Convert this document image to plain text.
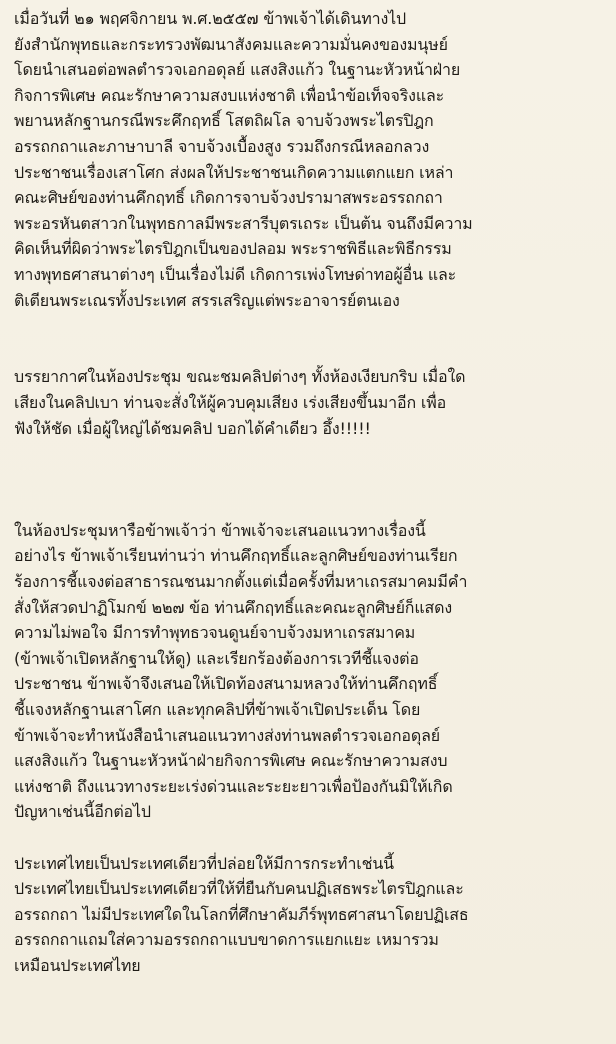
เมื่อวันที่ ๒๑ พฤศจิกายน พ.ศ.๒๕๕๗ ข้าพเจ้าได้เดินทางไป
ยังสำนักพุทธและกระทรวงพัฒนาสังคมและความมั่นคงของมนุษย์
โดยนำเสนอต่อพลตำรวจเอกอดุลย์ แสงสิงแก้ว ในฐานะหัวหน้าฝ่าย
กิจการพิเศษ คณะรักษาความสงบแห่งชาติ เพื่อนำข้อเท็จจริงและ
พยานหลักฐานกรณีพระคึกฤทธิ์ โสตถิผโล จาบจ้วงพระไตรปิฎก
อรรถกถาและภาษาบาลี จาบจ้วงเบื้องสูง รวมถึงกรณีหลอกลวง
ประชาชนเรื่องเสาโศก ส่งผลให้ประชาชนเกิดความแตกแยก เหล่า
คณะศิษย์ของท่านคึกฤทธิ์ เกิดการจาบจ้วงปรามาสพระอรรถกถา
พระอรหันตสาวกในพุทธกาลมีพระสารีบุตรเถระ เป็นต้น จนถึงมีความ
คิดเห็นที่ผิดว่าพระไตรปิฎกเป็นของปลอม พระราชพิธีและพิธีกรรม
ทางพุทธศาสนาต่างๆ เป็นเรื่องไม่ดี เกิดการเพ่งโทษด่าทอผู้อื่น และ
ติเตียนพระเณรทั้งประเทศ สรรเสริญแต่พระอาจารย์ตนเอง
บรรยากาศในห้องประชุม ขณะชมคลิปต่างๆ ทั้งห้องเงียบกริบ เมื่อใด
เสียงในคลิปเบา ท่านจะสั่งให้ผู้ควบคุมเสียง เร่งเสียงขึ้นมาอีก เพื่อ
ฟังให้ชัด เมื่อผู้ใหญ่ได้ชมคลิป บอกได้คำเดียว อึ้ง!!!!!
ในห้องประชุมหารือข้าพเจ้าว่า ข้าพเจ้าจะเสนอแนวทางเรื่องนี้
อย่างไร ข้าพเจ้าเรียนท่านว่า ท่านคึกฤทธิ์และลูกศิษย์ของท่านเรียก
ร้องการชี้แจงต่อสาธารณชนมากตั้งแต่เมื่อครั้งที่มหาเถรสมาคมมีคำ
สั่งให้สวดปาฏิโมกข์ ๒๒๗ ข้อ ท่านคึกฤทธิ์และคณะลูกศิษย์ก็แสดง
ความไม่พอใจ มีการทำพุทธวจนดูนย์จาบจ้วงมหาเถรสมาคม
(ข้าพเจ้าเปิดหลักฐานให้ดู) และเรียกร้องต้องการเวทีชี้แจงต่อ
ประชาชน ข้าพเจ้าจึงเสนอให้เปิดท้องสนามหลวงให้ท่านคึกฤทธิ์
ชี้แจงหลักฐานเสาโศก และทุกคลิปที่ข้าพเจ้าเปิดประเด็น โดย
ข้าพเจ้าจะทำหนังสือนำเสนอแนวทางส่งท่านพลตำรวจเอกอดุลย์
แสงสิงแก้ว ในฐานะหัวหน้าฝ่ายกิจการพิเศษ คณะรักษาความสงบ
แห่งชาติ ถึงแนวทางระยะเร่งด่วนและระยะยาวเพื่อป้องกันมิให้เกิด
ปัญหาเช่นนี้อีกต่อไป
ประเทศไทยเป็นประเทศเดียวที่ปล่อยให้มีการกระทำเช่นนี้
ประเทศไทยเป็นประเทศเดียวที่ให้ที่ยืนกับคนปฏิเสธพระไตรปิฎกและ
อรรถกถา ไม่มีประเทศใดในโลกที่ศึกษาคัมภีร์พุทธศาสนาโดยปฏิเสธ
อรรถกถาแถมใส่ความอรรถกถาแบบขาดการแยกแยะ เหมารวม
เหมือนประเทศไทย
